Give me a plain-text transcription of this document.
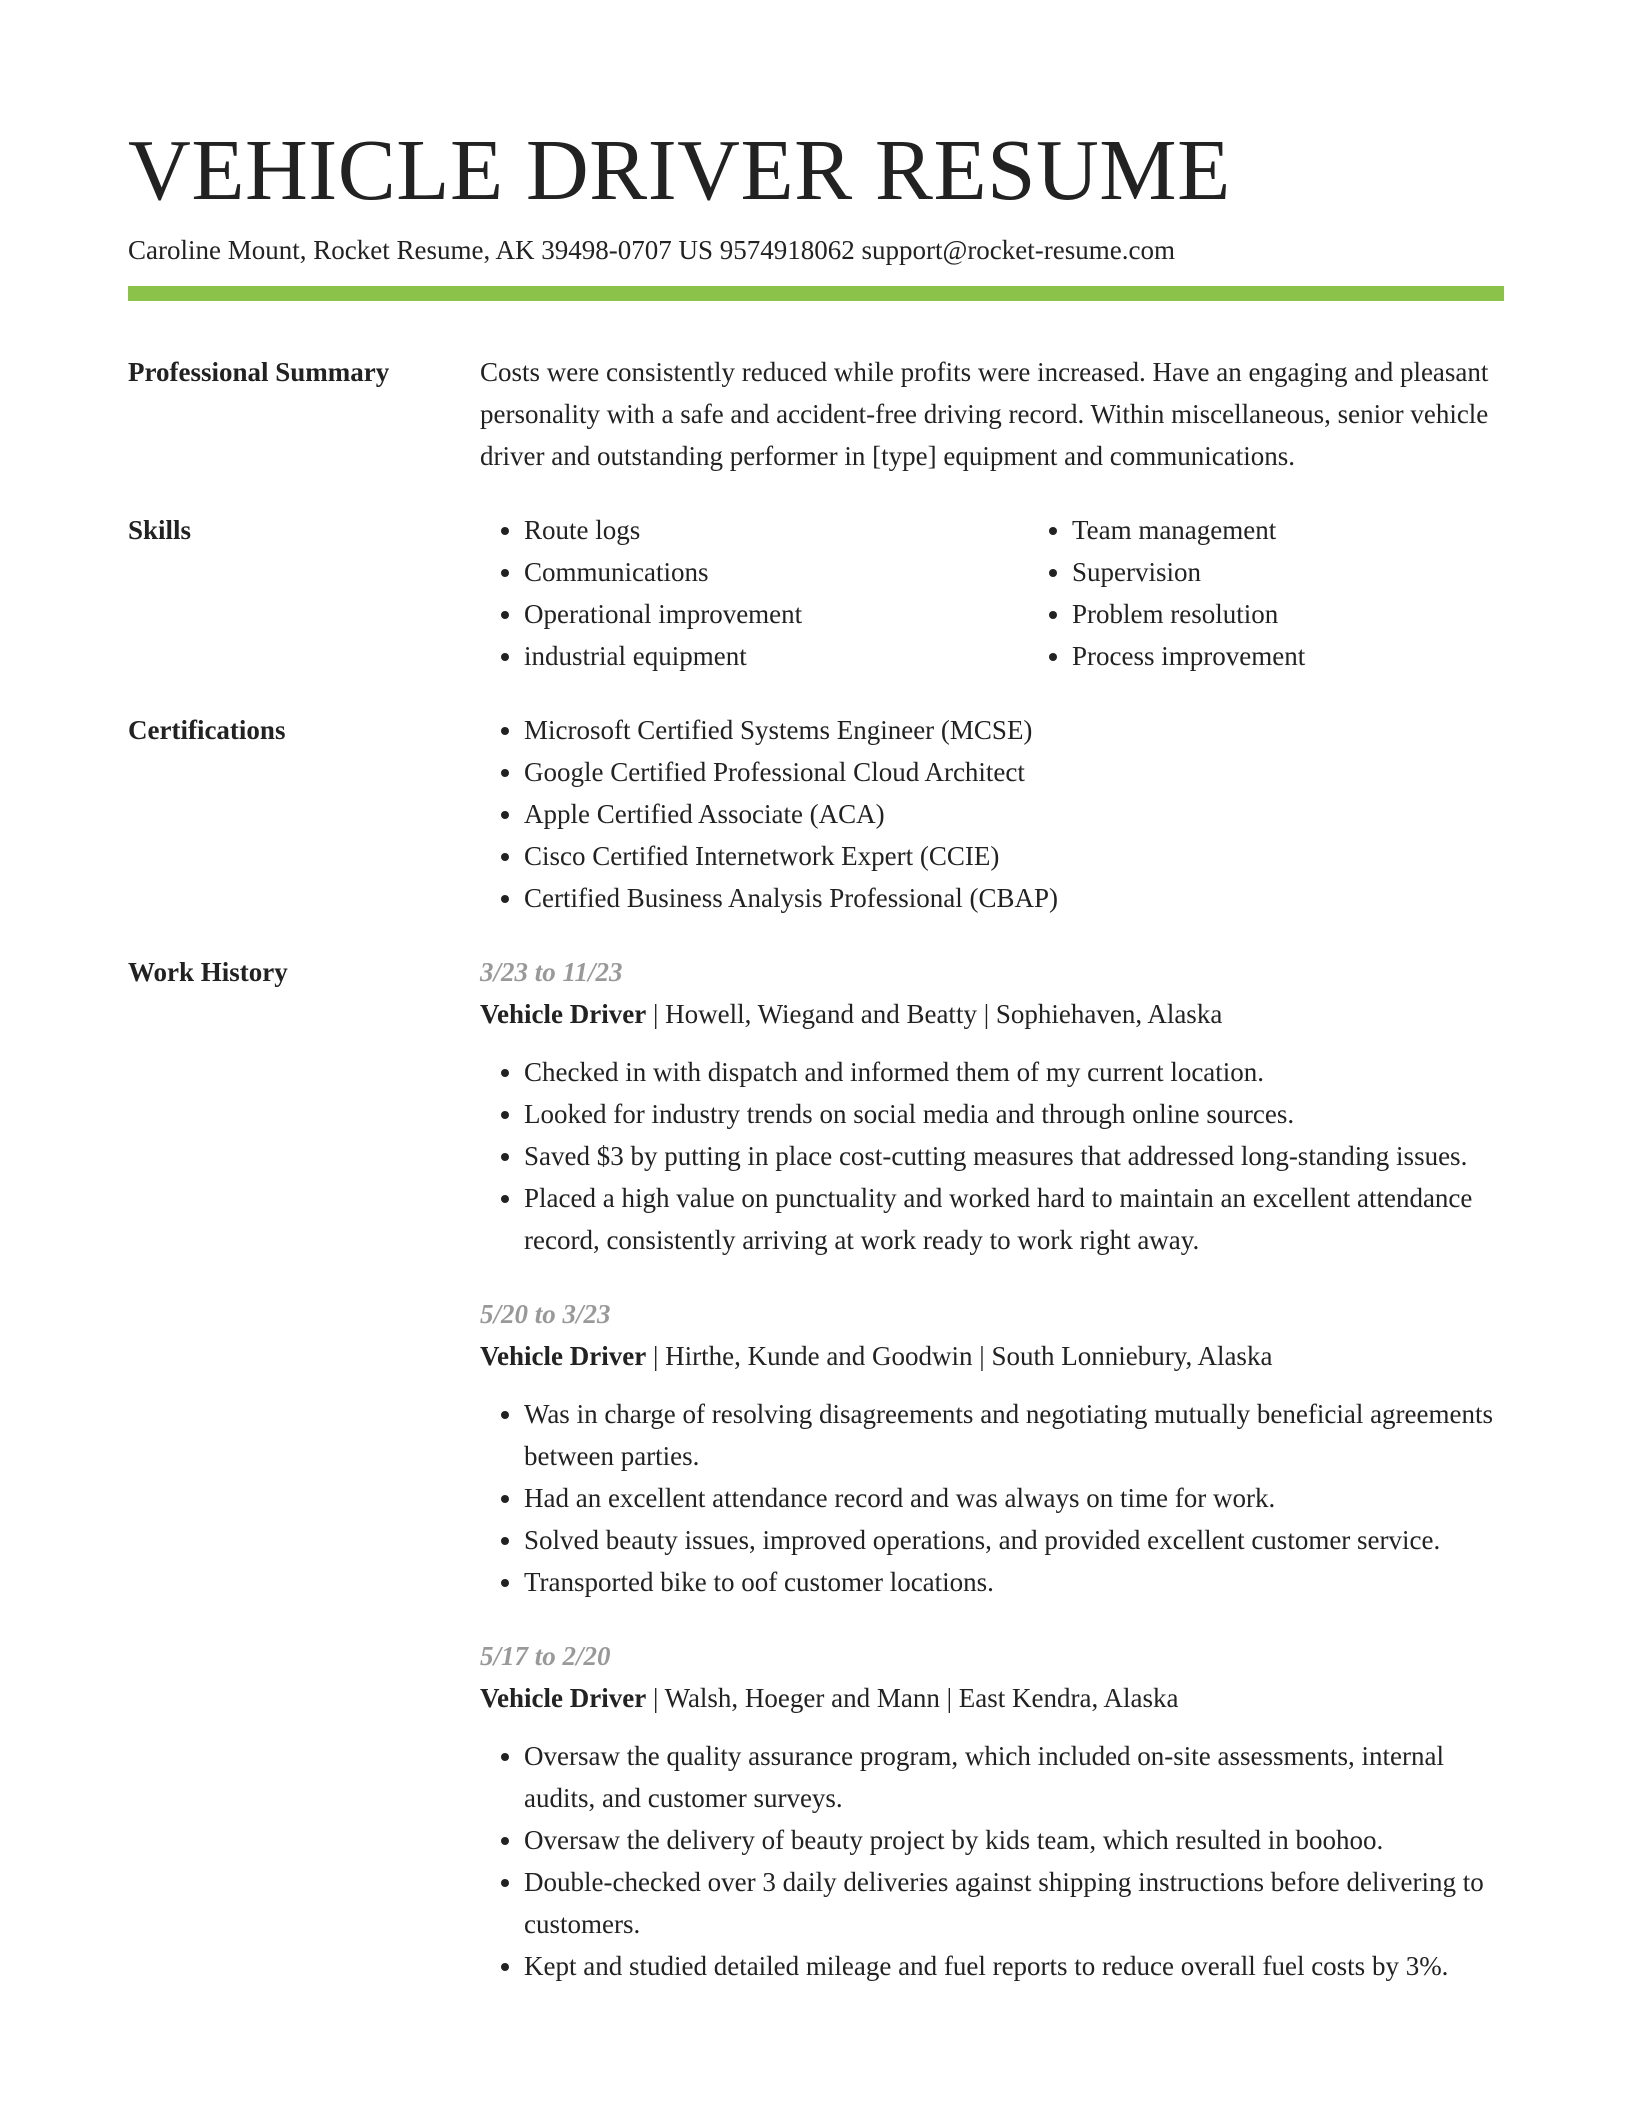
VEHICLE DRIVER RESUME
Caroline Mount, Rocket Resume, AK 39498-0707 US 9574918062 support@rocket-resume.com
Professional Summary	Costs were consistently reduced while profits were increased. Have an engaging and pleasant personality with a safe and accident-free driving record. Within miscellaneous, senior vehicle driver and outstanding performer in [type] equipment and communications.
Skills	• Route logs
• Communications
• Operational improvement
• industrial equipment
• Team management
• Supervision
• Problem resolution
• Process improvement
Certifications	• Microsoft Certified Systems Engineer (MCSE)
• Google Certified Professional Cloud Architect
• Apple Certified Associate (ACA)
• Cisco Certified Internetwork Expert (CCIE)
• Certified Business Analysis Professional (CBAP)
Work History	3/23 to 11/23
Vehicle Driver | Howell, Wiegand and Beatty | Sophiehaven, Alaska
• Checked in with dispatch and informed them of my current location.
• Looked for industry trends on social media and through online sources.
• Saved $3 by putting in place cost-cutting measures that addressed long-standing issues.
• Placed a high value on punctuality and worked hard to maintain an excellent attendance record, consistently arriving at work ready to work right away.
5/20 to 3/23
Vehicle Driver | Hirthe, Kunde and Goodwin | South Lonniebury, Alaska
• Was in charge of resolving disagreements and negotiating mutually beneficial agreements between parties.
• Had an excellent attendance record and was always on time for work.
• Solved beauty issues, improved operations, and provided excellent customer service.
• Transported bike to oof customer locations.
5/17 to 2/20
Vehicle Driver | Walsh, Hoeger and Mann | East Kendra, Alaska
• Oversaw the quality assurance program, which included on-site assessments, internal audits, and customer surveys.
• Oversaw the delivery of beauty project by kids team, which resulted in boohoo.
• Double-checked over 3 daily deliveries against shipping instructions before delivering to customers.
• Kept and studied detailed mileage and fuel reports to reduce overall fuel costs by 3%.
